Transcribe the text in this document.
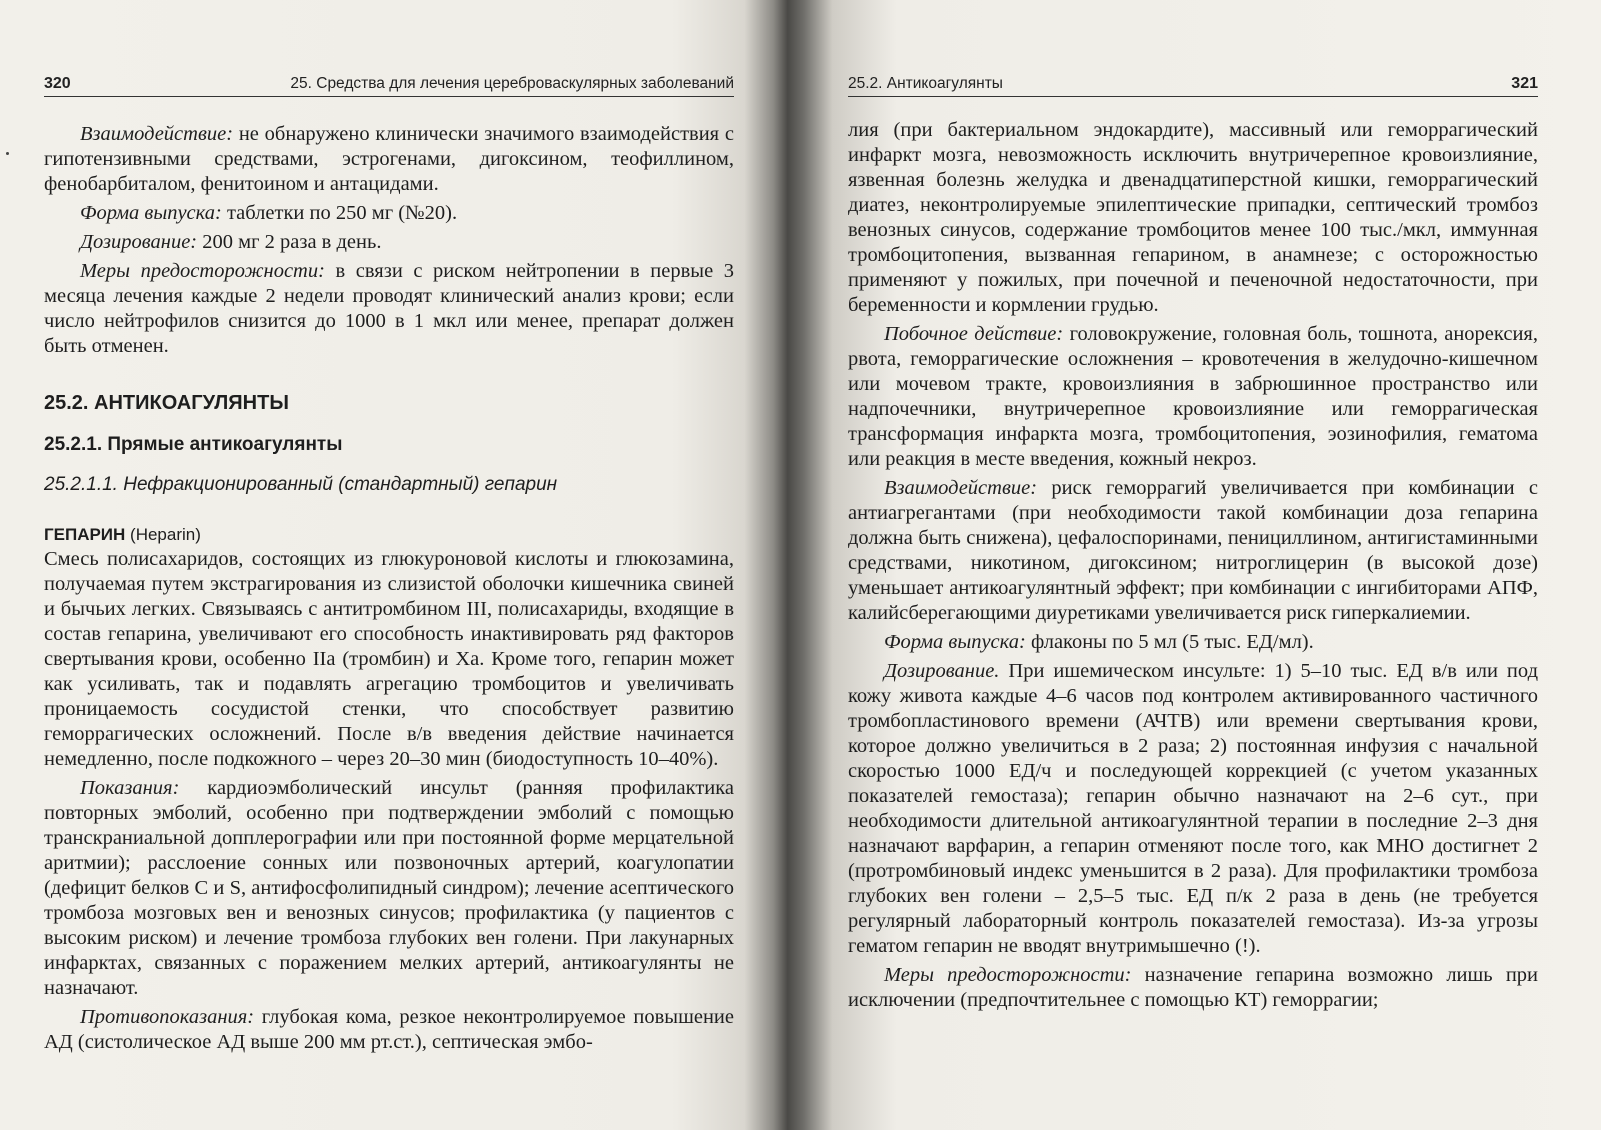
320	25. Средства для лечения цереброваскулярных заболеваний

Взаимодействие: не обнаружено клинически значимого взаимодействия с гипотензивными средствами, эстрогенами, дигоксином, теофиллином, фенобарбиталом, фенитоином и антацидами.

Форма выпуска: таблетки по 250 мг (№20).

Дозирование: 200 мг 2 раза в день.

Меры предосторожности: в связи с риском нейтропении в первые 3 месяца лечения каждые 2 недели проводят клинический анализ крови; если число нейтрофилов снизится до 1000 в 1 мкл или менее, препарат должен быть отменен.

25.2. АНТИКОАГУЛЯНТЫ
25.2.1. Прямые антикоагулянты
25.2.1.1. Нефракционированный (стандартный) гепарин
ГЕПАРИН (Heparin)

Смесь полисахаридов, состоящих из глюкуроновой кислоты и глюкозамина, получаемая путем экстрагирования из слизистой оболочки кишечника свиней и бычьих легких. Связываясь с антитромбином III, полисахариды, входящие в состав гепарина, увеличивают его способность инактивировать ряд факторов свертывания крови, особенно IIa (тромбин) и Xa. Кроме того, гепарин может как усиливать, так и подавлять агрегацию тромбоцитов и увеличивать проницаемость сосудистой стенки, что способствует развитию геморрагических осложнений. После в/в введения действие начинается немедленно, после подкожного – через 20–30 мин (биодоступность 10–40%).

Показания: кардиоэмболический инсульт (ранняя профилактика повторных эмболий, особенно при подтверждении эмболий с помощью транскраниальной допплерографии или при постоянной форме мерцательной аритмии); расслоение сонных или позвоночных артерий, коагулопатии (дефицит белков C и S, антифосфолипидный синдром); лечение асептического тромбоза мозговых вен и венозных синусов; профилактика (у пациентов с высоким риском) и лечение тромбоза глубоких вен голени. При лакунарных инфарктах, связанных с поражением мелких артерий, антикоагулянты не назначают.

Противопоказания: глубокая кома, резкое неконтролируемое повышение АД (систолическое АД выше 200 мм рт.ст.), септическая эмбо-

25.2. Антикоагулянты	321

лия (при бактериальном эндокардите), массивный или геморрагический инфаркт мозга, невозможность исключить внутричерепное кровоизлияние, язвенная болезнь желудка и двенадцатиперстной кишки, геморрагический диатез, неконтролируемые эпилептические припадки, септический тромбоз венозных синусов, содержание тромбоцитов менее 100 тыс./мкл, иммунная тромбоцитопения, вызванная гепарином, в анамнезе; с осторожностью применяют у пожилых, при почечной и печеночной недостаточности, при беременности и кормлении грудью.

Побочное действие: головокружение, головная боль, тошнота, анорексия, рвота, геморрагические осложнения – кровотечения в желудочно-кишечном или мочевом тракте, кровоизлияния в забрюшинное пространство или надпочечники, внутричерепное кровоизлияние или геморрагическая трансформация инфаркта мозга, тромбоцитопения, эозинофилия, гематома или реакция в месте введения, кожный некроз.

Взаимодействие: риск геморрагий увеличивается при комбинации с антиагрегантами (при необходимости такой комбинации доза гепарина должна быть снижена), цефалоспоринами, пенициллином, антигистаминными средствами, никотином, дигоксином; нитроглицерин (в высокой дозе) уменьшает антикоагулянтный эффект; при комбинации с ингибиторами АПФ, калийсберегающими диуретиками увеличивается риск гиперкалиемии.

Форма выпуска: флаконы по 5 мл (5 тыс. ЕД/мл).

Дозирование. При ишемическом инсульте: 1) 5–10 тыс. ЕД в/в или под кожу живота каждые 4–6 часов под контролем активированного частичного тромбопластинового времени (АЧТВ) или времени свертывания крови, которое должно увеличиться в 2 раза; 2) постоянная инфузия с начальной скоростью 1000 ЕД/ч и последующей коррекцией (с учетом указанных показателей гемостаза); гепарин обычно назначают на 2–6 сут., при необходимости длительной антикоагулянтной терапии в последние 2–3 дня назначают варфарин, а гепарин отменяют после того, как МНО достигнет 2 (протромбиновый индекс уменьшится в 2 раза). Для профилактики тромбоза глубоких вен голени – 2,5–5 тыс. ЕД п/к 2 раза в день (не требуется регулярный лабораторный контроль показателей гемостаза). Из-за угрозы гематом гепарин не вводят внутримышечно (!).

Меры предосторожности: назначение гепарина возможно лишь при исключении (предпочтительнее с помощью КТ) геморрагии;
